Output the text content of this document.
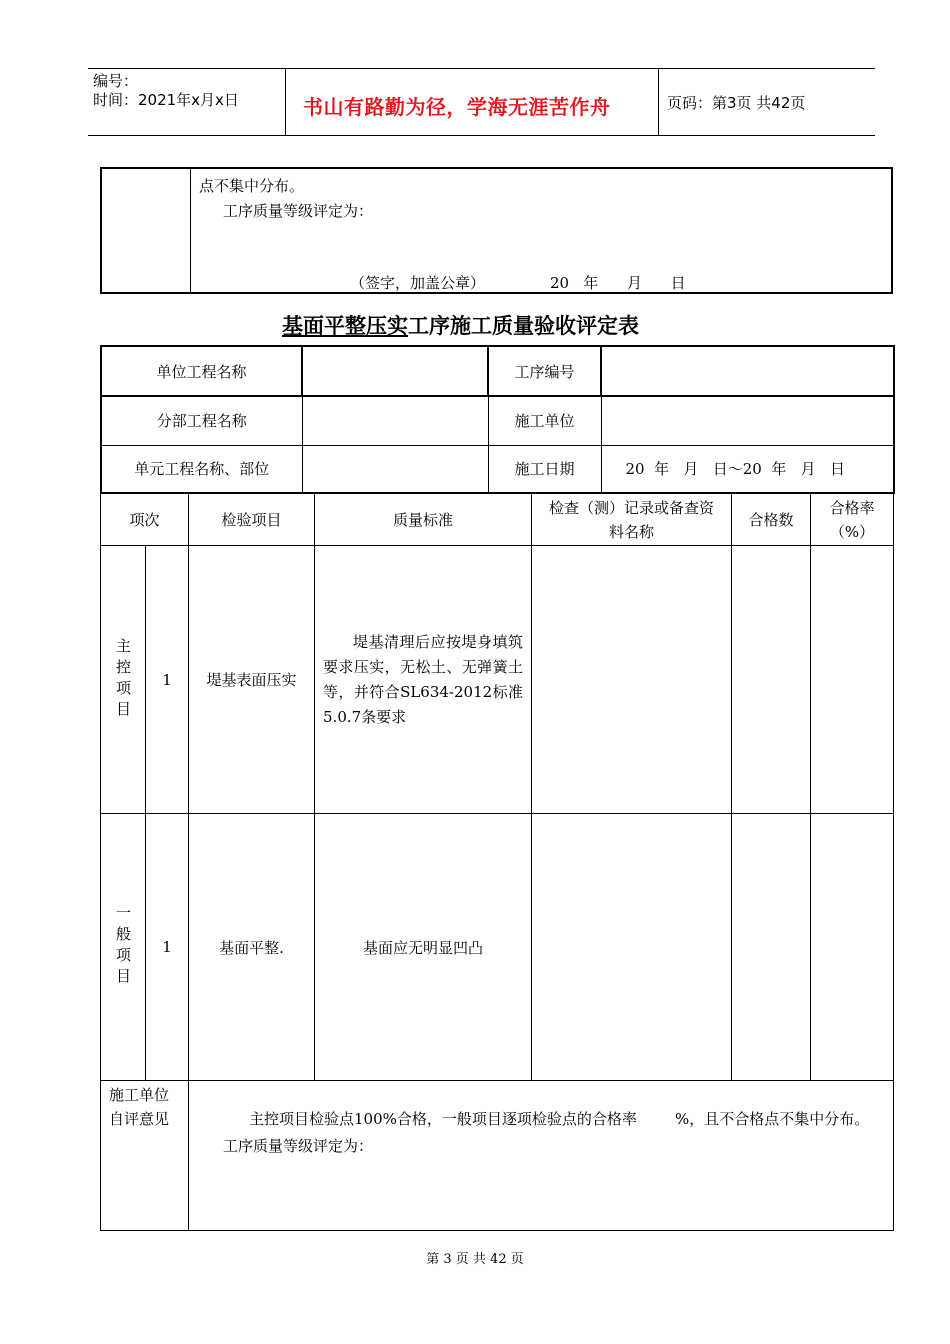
编号：
时间：2021年x月x日	书山有路勤为径，学海无涯苦作舟	页码：第3页 共42页
点不集中分布。
工序质量等级评定为：
（签字，加盖公章）	20   年      月      日
基面平整压实工序施工质量验收评定表
单位工程名称		工序编号	
分部工程名称		施工单位	
单元工程名称、部位		施工日期	20  年   月   日～20  年   月   日
项次		检验项目	质量标准	检查（测）记录或备查资料名称	合格数	合格率（%）

主控项目	1	堤基表面压实	堤基清理后应按堤身填筑要求压实，无松土、无弹簧土等，并符合SL634-2012标准5.0.7条要求			

一般项目	1	基面平整.	基面应无明显凹凸			
施工单位自评意见		主控项目检验点100%合格，一般项目逐项检验点的合格率        %，且不合格点不集中分布。
工序质量等级评定为：				
第 3 页 共 42 页
